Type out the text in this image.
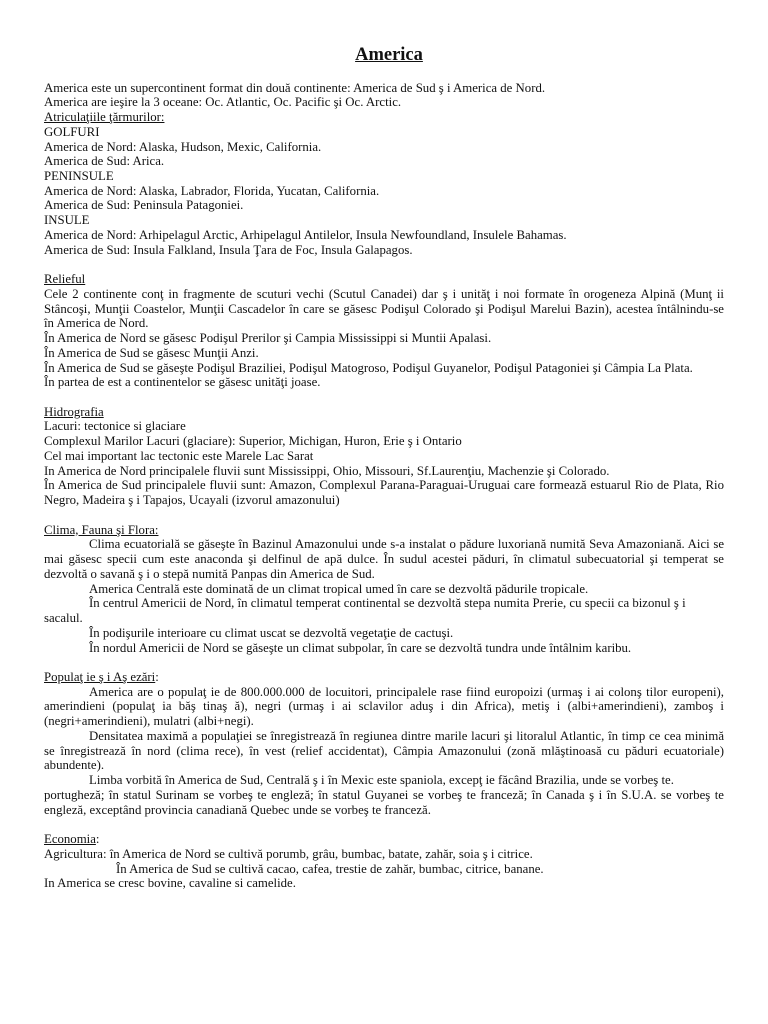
America
America este un supercontinent format din două continente: America de Sud ş i America de Nord.
America are ieşire la 3 oceane: Oc. Atlantic, Oc. Pacific şi Oc. Arctic.
Atriculaţiile ţărmurilor:
GOLFURI
America de Nord: Alaska, Hudson, Mexic, California.
America de Sud: Arica.
PENINSULE
America de Nord: Alaska, Labrador, Florida, Yucatan, California.
America de Sud: Peninsula Patagoniei.
INSULE
America de Nord: Arhipelagul Arctic, Arhipelagul Antilelor, Insula Newfoundland, Insulele Bahamas.
America de Sud: Insula Falkland, Insula Ţara de Foc, Insula Galapagos.
Relieful
Cele 2 continente conţ in fragmente de scuturi vechi (Scutul Canadei) dar ş i unităţ i noi formate în orogeneza Alpină (Munţ ii
Stâncoşi, Munţii Coastelor, Munţii Cascadelor în care se găsesc Podişul Colorado şi Podişul Marelui Bazin), acestea întâlnindu-se
în America de Nord.
În America de Nord se găsesc Podişul Prerilor şi Campia Mississippi si Muntii Apalasi.
În America de Sud se găsesc Munţii Anzi.
În America de Sud se găseşte Podişul Braziliei, Podişul Matogroso, Podişul Guyanelor, Podişul Patagoniei şi Câmpia La Plata.
În partea de est a continentelor se găsesc unităţi joase.
Hidrografia
Lacuri: tectonice si glaciare
Complexul Marilor Lacuri (glaciare): Superior, Michigan, Huron, Erie ş i Ontario
Cel mai important lac tectonic este Marele Lac Sarat
In America de Nord principalele fluvii sunt Mississippi, Ohio, Missouri, Sf.Laurenţiu, Machenzie şi Colorado.
În America de Sud principalele fluvii sunt: Amazon, Complexul Parana-Paraguai-Uruguai care formează estuarul Rio de Plata, Rio
Negro, Madeira ş i Tapajos, Ucayali (izvorul amazonului)
Clima, Fauna şi Flora:
Clima ecuatorială se găseşte în Bazinul Amazonului unde s-a instalat o pădure luxoriană numită Seva Amazoniană. Aici se
mai găsesc specii cum este anaconda şi delfinul de apă dulce. În sudul acestei păduri, în climatul subecuatorial şi temperat se
dezvoltă o savană ş i o stepă numită Panpas din America de Sud.
America Centrală este dominată de un climat tropical umed în care se dezvoltă pădurile tropicale.
În centrul Americii de Nord, în climatul temperat continental se dezvoltă stepa numita Prerie, cu specii ca bizonul ş i
sacalul.
În podişurile interioare cu climat uscat se dezvoltă vegetaţie de cactuşi.
În nordul Americii de Nord se găseşte un climat subpolar, în care se dezvoltă tundra unde întâlnim karibu.
Populaţ ie ş i Aş ezări:
America are o populaţ ie de 800.000.000 de locuitori, principalele rase fiind europoizi (urmaş i ai colonş tilor europeni),
amerindieni (populaţ ia băş tinaş ă), negri (urmaş i ai sclavilor aduş i din Africa), metiş i (albi+amerindieni), zamboş i
(negri+amerindieni), mulatri (albi+negi).
Densitatea maximă a populaţiei se înregistrează în regiunea dintre marile lacuri şi litoralul Atlantic, în timp ce cea minimă
se înregistrează în nord (clima rece), în vest (relief accidentat), Câmpia Amazonului (zonă mlăştinoasă cu păduri ecuatoriale)
abundente).
Limba vorbită în America de Sud, Centrală ş i în Mexic este spaniola, excepţ ie făcând Brazilia, unde se vorbeş te.
portugheză; în statul Surinam se vorbeş te engleză; în statul Guyanei se vorbeş te franceză; în Canada ş i în S.U.A. se vorbeş te
engleză, exceptând provincia canadiană Quebec unde se vorbeş te franceză.
Economia:
Agricultura: în America de Nord se cultivă porumb, grâu, bumbac, batate, zahăr, soia ş i citrice.
În America de Sud se cultivă cacao, cafea, trestie de zahăr, bumbac, citrice, banane.
In America se cresc bovine, cavaline si camelide.
